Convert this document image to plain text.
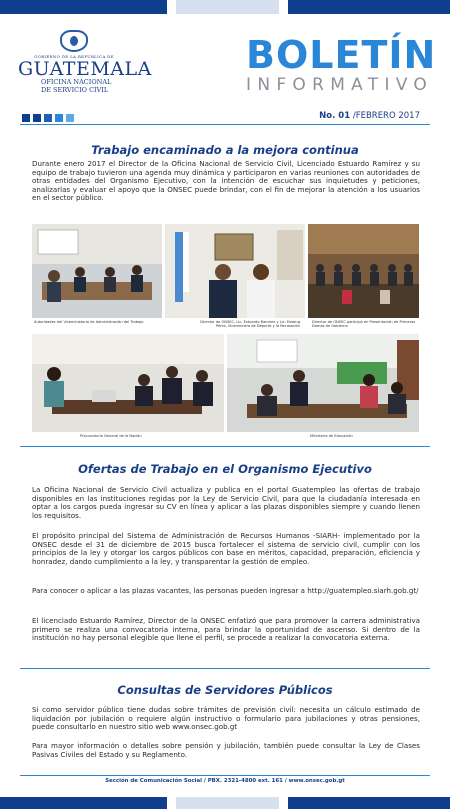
GOBIERNO DE LA REPÚBLICA DE
GUATEMALA
OFICINA NACIONAL
DE SERVICIO CIVIL
BOLETÍN
INFORMATIVO
No. 01 /FEBRERO 2017
Trabajo encaminado a la mejora continua
Durante enero 2017 el Director de la Oficina Nacional de Servicio Civil, Licenciado Estuardo Ramírez y su equipo de trabajo tuvieron una agenda muy dinámica y participaron en varias reuniones con autoridades de otras entidades del Organismo Ejecutivo, con la intención de escuchar sus inquietudes y peticiones, analizarlas y evaluar el apoyo que la ONSEC puede brindar, con el fin de mejorar la atención a los usuarios en el sector público.
Autoridades del Viceministerio de Administración del Trabajo	Director de ONSEC, Lic. Estuardo Ramírez y Lic. Edwing Pérez, Viceministro de Deporte y la Recreación
Director de ONSEC participó en Presentación de Primeras Damas de Gobierno
Procuraduría General de la Nación	Ministerio de Educación
Ofertas de Trabajo en el Organismo Ejecutivo
La Oficina Nacional de Servicio Civil actualiza y publica en el portal Guatempleo las ofertas de trabajo disponibles en las instituciones regidas por la Ley de Servicio Civil, para que la ciudadanía interesada en optar a los cargos pueda ingresar su CV en línea y aplicar a las plazas disponibles siempre y cuando llenen los requisitos.
El propósito principal del Sistema de Administración de Recursos Humanos -SIARH- implementado por la ONSEC desde el 31 de diciembre de 2015 busca fortalecer el sistema de servicio civil, cumplir con los principios de la ley y otorgar los cargos públicos con base en méritos, capacidad, preparación, eficiencia y honradez, dando cumplimiento a la ley, y transparentar la gestión de empleo.
Para conocer o aplicar a las plazas vacantes, las personas pueden ingresar a http://guatempleo.siarh.gob.gt/
El licenciado Estuardo Ramírez, Director de la ONSEC enfatizó que para promover la carrera administrativa primero se realiza una convocatoria interna, para brindar la oportunidad de ascenso. Si dentro de la institución no hay personal elegible que llene el perfil, se procede a realizar la convocatoria externa.
Consultas de Servidores Públicos
Si como servidor público tiene dudas sobre trámites de previsión civil: necesita un cálculo estimado de liquidación por jubilación o requiere algún instructivo o formulario para jubilaciones y otras pensiones, puede consultarlo en nuestro sitio web www.onsec.gob.gt
Para mayor información o detalles sobre pensión y jubilación, también puede consultar la Ley de Clases Pasivas Civiles del Estado y su Reglamento.
Sección de Comunicación Social / PBX. 2321-4800 ext. 161 / www.onsec.gob.gt
